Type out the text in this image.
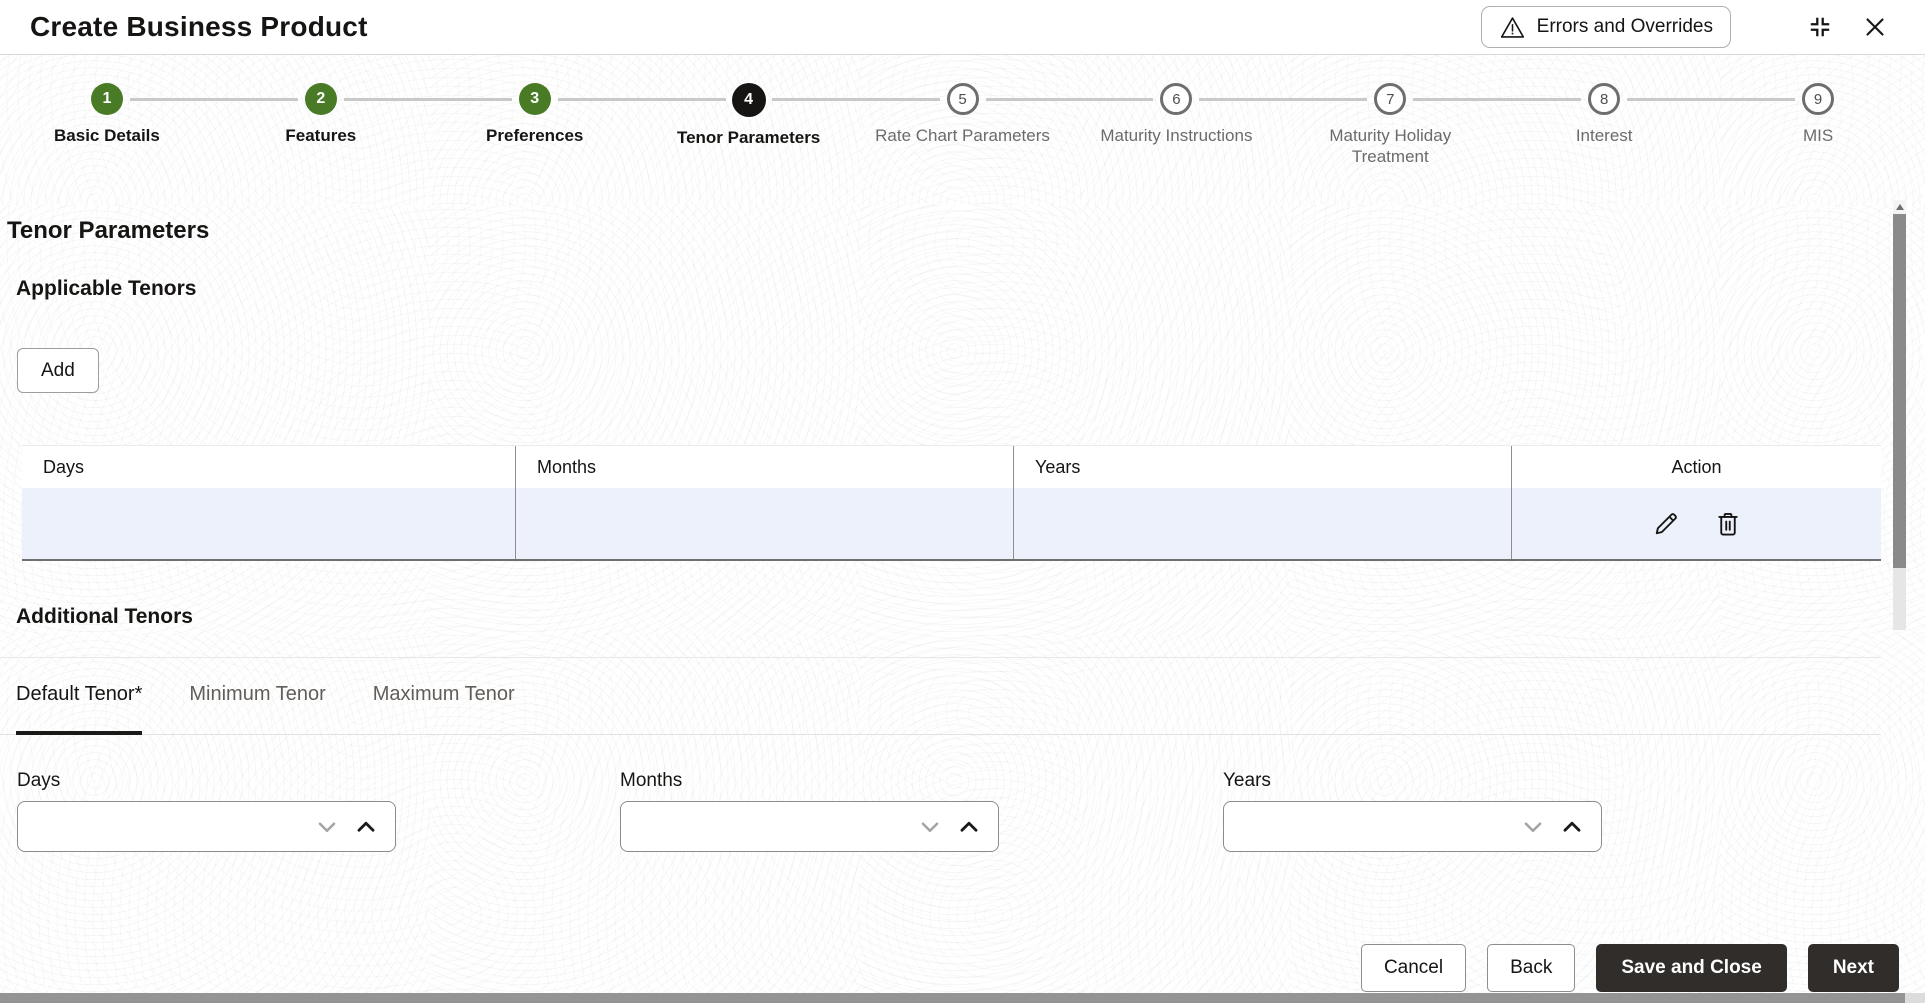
Create Business Product	Errors and Overrides
1
Basic Details
2
Features
3
Preferences
4
Tenor Parameters
5
Rate Chart Parameters
6
Maturity Instructions
7
Maturity Holiday Treatment
8
Interest
9
MIS
Tenor Parameters
Applicable Tenors
Add
Days	Months	Years	Action
Additional Tenors
Default Tenor* Minimum Tenor Maximum Tenor
Days	Months	Years
Cancel	Back	Save and Close	Next
